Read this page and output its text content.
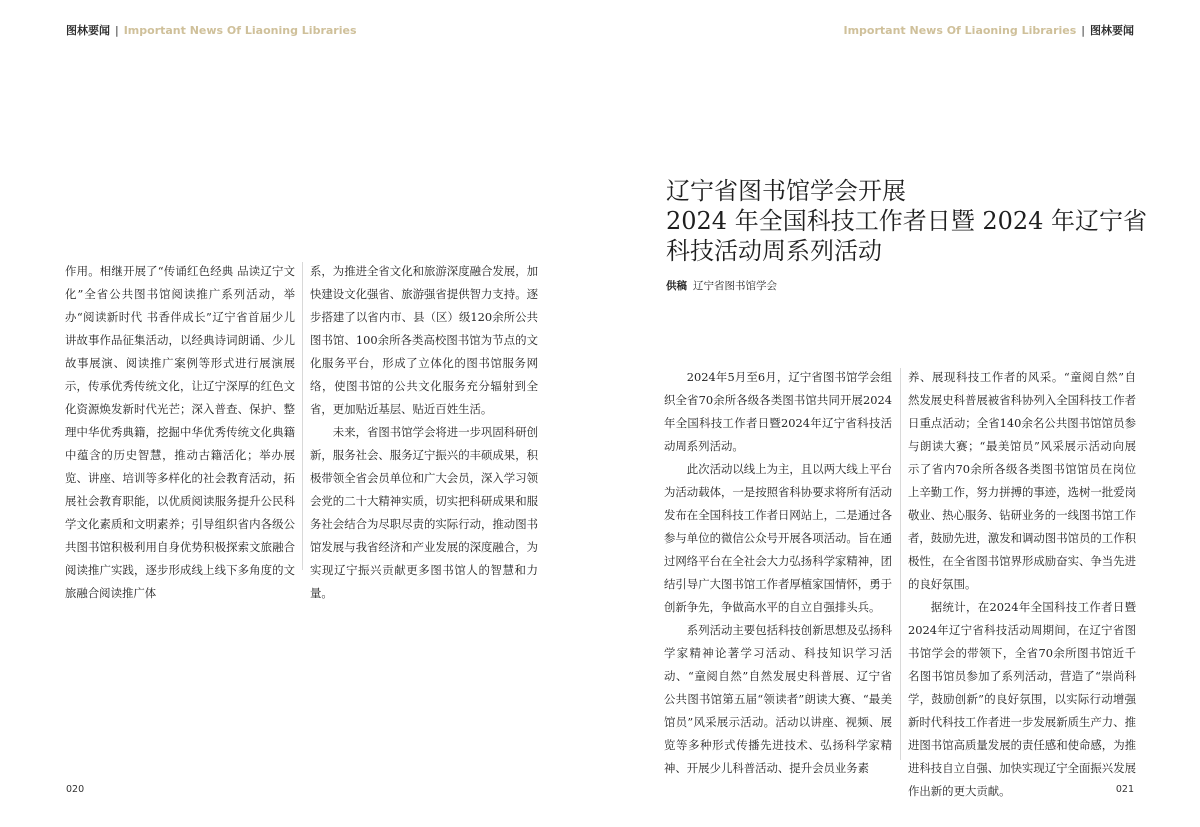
图林要闻 | Important News Of Liaoning Libraries	Important News Of Liaoning Libraries | 图林要闻

作用。相继开展了“传诵红色经典 品读辽宁文化”全省公共图书馆阅读推广系列活动，举办“阅读新时代 书香伴成长”辽宁省首届少儿讲故事作品征集活动，以经典诗词朗诵、少儿故事展演、阅读推广案例等形式进行展演展示，传承优秀传统文化，让辽宁深厚的红色文化资源焕发新时代光芒；深入普查、保护、整理中华优秀典籍，挖掘中华优秀传统文化典籍中蕴含的历史智慧，推动古籍活化；举办展览、讲座、培训等多样化的社会教育活动，拓展社会教育职能，以优质阅读服务提升公民科学文化素质和文明素养；引导组织省内各级公共图书馆积极利用自身优势积极探索文旅融合阅读推广实践，逐步形成线上线下多角度的文旅融合阅读推广体

系，为推进全省文化和旅游深度融合发展，加快建设文化强省、旅游强省提供智力支持。逐步搭建了以省内市、县（区）级120余所公共图书馆、100余所各类高校图书馆为节点的文化服务平台，形成了立体化的图书馆服务网络，使图书馆的公共文化服务充分辐射到全省，更加贴近基层、贴近百姓生活。

未来，省图书馆学会将进一步巩固科研创新，服务社会、服务辽宁振兴的丰硕成果，积极带领全省会员单位和广大会员，深入学习领会党的二十大精神实质，切实把科研成果和服务社会结合为尽职尽责的实际行动，推动图书馆发展与我省经济和产业发展的深度融合，为实现辽宁振兴贡献更多图书馆人的智慧和力量。

辽宁省图书馆学会开展
2024 年全国科技工作者日暨 2024 年辽宁省
科技活动周系列活动
供稿 辽宁省图书馆学会

2024年5月至6月，辽宁省图书馆学会组织全省70余所各级各类图书馆共同开展2024年全国科技工作者日暨2024年辽宁省科技活动周系列活动。

此次活动以线上为主，且以两大线上平台为活动载体，一是按照省科协要求将所有活动发布在全国科技工作者日网站上，二是通过各参与单位的微信公众号开展各项活动。旨在通过网络平台在全社会大力弘扬科学家精神，团结引导广大图书馆工作者厚植家国情怀，勇于创新争先，争做高水平的自立自强排头兵。

系列活动主要包括科技创新思想及弘扬科学家精神论著学习活动、科技知识学习活动、“童阅自然”自然发展史科普展、辽宁省公共图书馆第五届“领读者”朗读大赛、“最美馆员”风采展示活动。活动以讲座、视频、展览等多种形式传播先进技术、弘扬科学家精神、开展少儿科普活动、提升会员业务素

养、展现科技工作者的风采。“童阅自然”自然发展史科普展被省科协列入全国科技工作者日重点活动；全省140余名公共图书馆馆员参与朗读大赛；“最美馆员”风采展示活动向展示了省内70余所各级各类图书馆馆员在岗位上辛勤工作，努力拼搏的事迹，选树一批爱岗敬业、热心服务、钻研业务的一线图书馆工作者，鼓励先进，激发和调动图书馆员的工作积极性，在全省图书馆界形成励奋实、争当先进的良好氛围。

据统计，在2024年全国科技工作者日暨2024年辽宁省科技活动周期间，在辽宁省图书馆学会的带领下，全省70余所图书馆近千名图书馆员参加了系列活动，营造了“崇尚科学，鼓励创新”的良好氛围，以实际行动增强新时代科技工作者进一步发展新质生产力、推进图书馆高质量发展的责任感和使命感，为推进科技自立自强、加快实现辽宁全面振兴发展作出新的更大贡献。

020	021
